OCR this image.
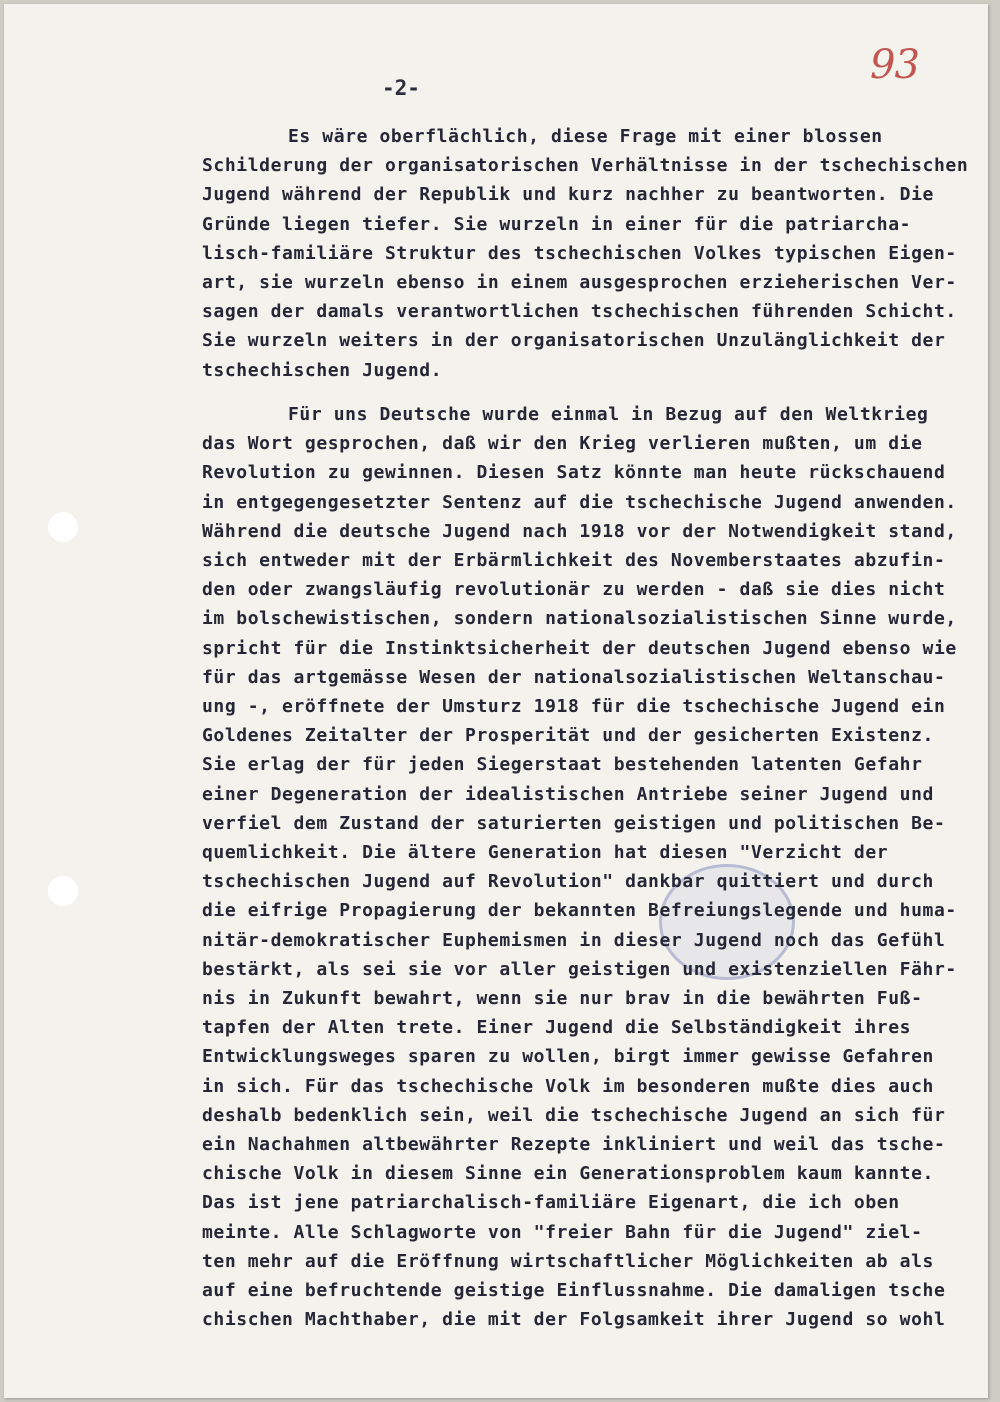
93
-2-
Es wäre oberflächlich, diese Frage mit einer blossen
Schilderung der organisatorischen Verhältnisse in der tschechischen
Jugend während der Republik und kurz nachher zu beantworten. Die
Gründe liegen tiefer. Sie wurzeln in einer für die patriarcha-
lisch-familiäre Struktur des tschechischen Volkes typischen Eigen-
art, sie wurzeln ebenso in einem ausgesprochen erzieherischen Ver-
sagen der damals verantwortlichen tschechischen führenden Schicht.
Sie wurzeln weiters in der organisatorischen Unzulänglichkeit der
tschechischen Jugend.
Für uns Deutsche wurde einmal in Bezug auf den Weltkrieg
das Wort gesprochen, daß wir den Krieg verlieren mußten, um die
Revolution zu gewinnen. Diesen Satz könnte man heute rückschauend
in entgegengesetzter Sentenz auf die tschechische Jugend anwenden.
Während die deutsche Jugend nach 1918 vor der Notwendigkeit stand,
sich entweder mit der Erbärmlichkeit des Novemberstaates abzufin-
den oder zwangsläufig revolutionär zu werden - daß sie dies nicht
im bolschewistischen, sondern nationalsozialistischen Sinne wurde,
spricht für die Instinktsicherheit der deutschen Jugend ebenso wie
für das artgemässe Wesen der nationalsozialistischen Weltanschau-
ung -, eröffnete der Umsturz 1918 für die tschechische Jugend ein
Goldenes Zeitalter der Prosperität und der gesicherten Existenz.
Sie erlag der für jeden Siegerstaat bestehenden latenten Gefahr
einer Degeneration der idealistischen Antriebe seiner Jugend und
verfiel dem Zustand der saturierten geistigen und politischen Be-
quemlichkeit. Die ältere Generation hat diesen "Verzicht der
tschechischen Jugend auf Revolution" dankbar quittiert und durch
die eifrige Propagierung der bekannten Befreiungslegende und huma-
nitär-demokratischer Euphemismen in dieser Jugend noch das Gefühl
bestärkt, als sei sie vor aller geistigen und existenziellen Fähr-
nis in Zukunft bewahrt, wenn sie nur brav in die bewährten Fuß-
tapfen der Alten trete. Einer Jugend die Selbständigkeit ihres
Entwicklungsweges sparen zu wollen, birgt immer gewisse Gefahren
in sich. Für das tschechische Volk im besonderen mußte dies auch
deshalb bedenklich sein, weil die tschechische Jugend an sich für
ein Nachahmen altbewährter Rezepte inkliniert und weil das tsche-
chische Volk in diesem Sinne ein Generationsproblem kaum kannte.
Das ist jene patriarchalisch-familiäre Eigenart, die ich oben
meinte. Alle Schlagworte von "freier Bahn für die Jugend" ziel-
ten mehr auf die Eröffnung wirtschaftlicher Möglichkeiten ab als
auf eine befruchtende geistige Einflussnahme. Die damaligen tsche
chischen Machthaber, die mit der Folgsamkeit ihrer Jugend so wohl
